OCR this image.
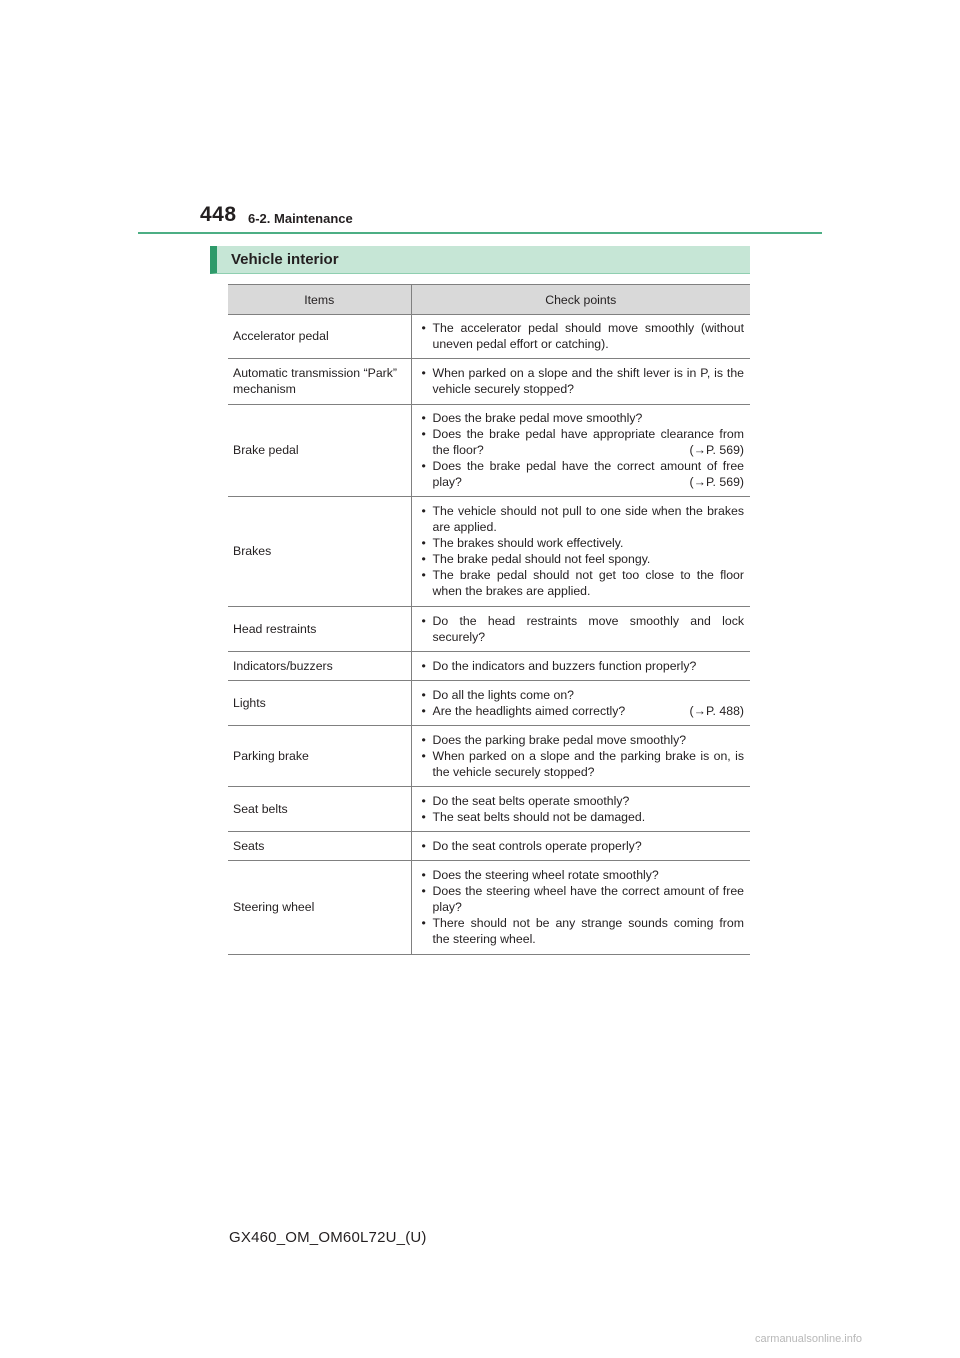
448 6-2. Maintenance
Vehicle interior
Items	Check points
Accelerator pedal	• The accelerator pedal should move smoothly (without uneven pedal effort or catching).

Automatic transmission “Park” mechanism	• When parked on a slope and the shift lever is in P, is the vehicle securely stopped?

Brake pedal	• Does the brake pedal move smoothly?
• Does the brake pedal have appropriate clearance from the floor? (→P. 569)
• Does the brake pedal have the correct amount of free play? (→P. 569)

Brakes	• The vehicle should not pull to one side when the brakes are applied.
• The brakes should work effectively.
• The brake pedal should not feel spongy.
• The brake pedal should not get too close to the floor when the brakes are applied.

Head restraints	• Do the head restraints move smoothly and lock securely?

Indicators/buzzers	• Do the indicators and buzzers function properly?

Lights	• Do all the lights come on?
• Are the headlights aimed correctly? (→P. 488)

Parking brake	• Does the parking brake pedal move smoothly?
• When parked on a slope and the parking brake is on, is the vehicle securely stopped?

Seat belts	• Do the seat belts operate smoothly?
• The seat belts should not be damaged.

Seats	• Do the seat controls operate properly?

Steering wheel	• Does the steering wheel rotate smoothly?
• Does the steering wheel have the correct amount of free play?
• There should not be any strange sounds coming from the steering wheel.
GX460_OM_OM60L72U_(U)
carmanualsonline.info
